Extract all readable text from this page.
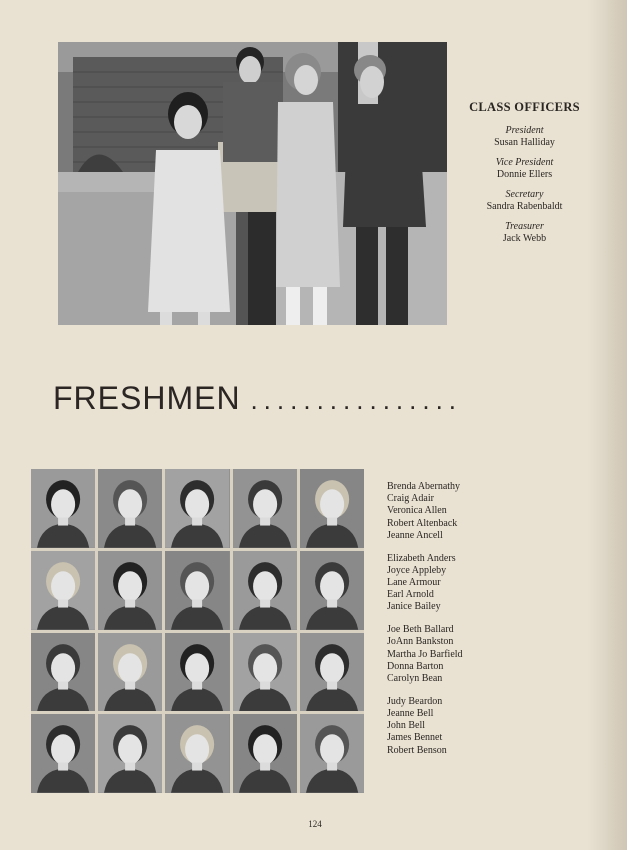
CLASS OFFICERS
President
Susan Halliday
Vice President
Donnie Ellers
Secretary
Sandra Rabenbaldt
Treasurer
Jack Webb
FRESHMEN ................
Brenda Abernathy
Craig Adair
Veronica Allen
Robert Altenback
Jeanne Ancell
Elizabeth Anders
Joyce Appleby
Lane Armour
Earl Arnold
Janice Bailey
Joe Beth Ballard
JoAnn Bankston
Martha Jo Barfield
Donna Barton
Carolyn Bean
Judy Beardon
Jeanne Bell
John Bell
James Bennet
Robert Benson
124
